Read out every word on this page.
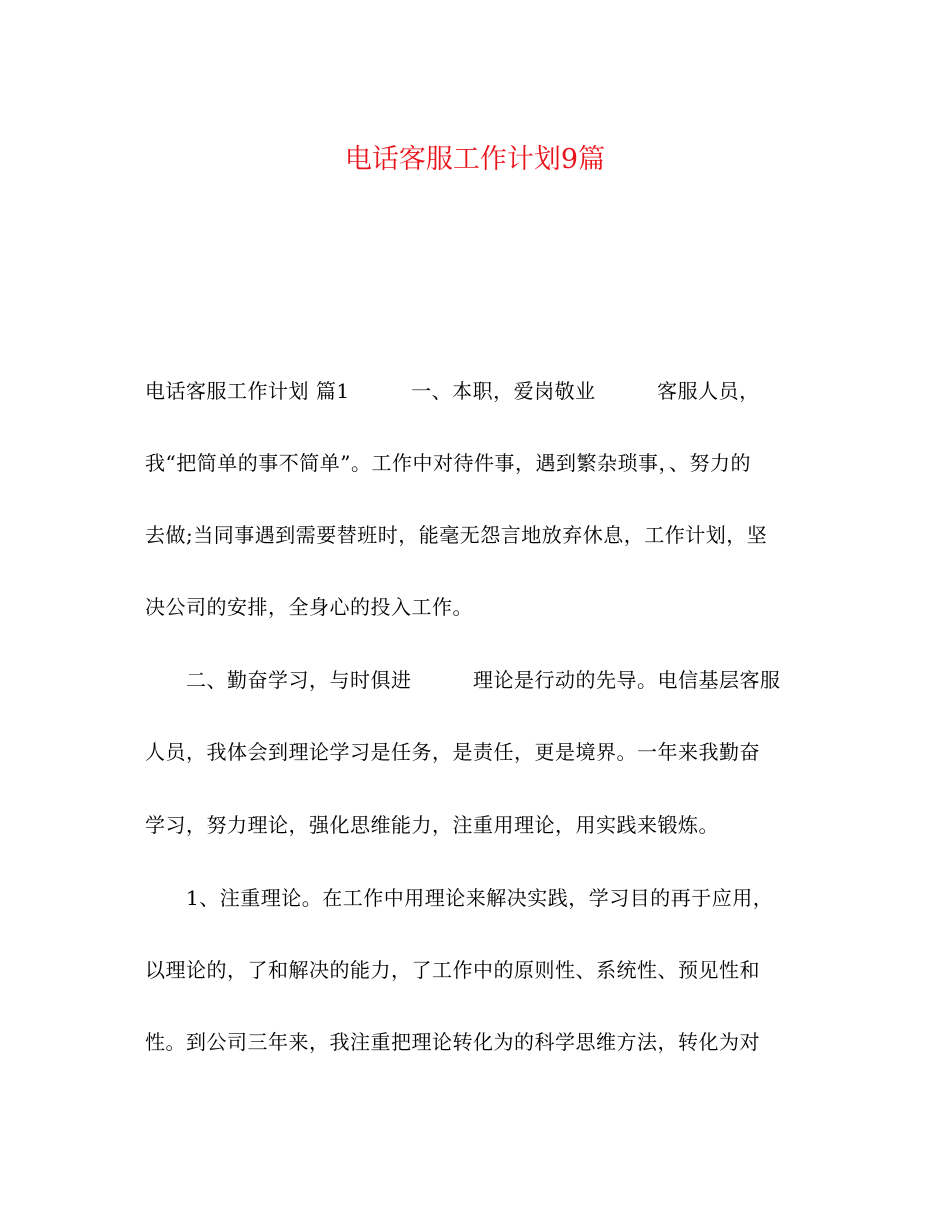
电话客服工作计划9篇
电话客服工作计划 篇1　　　一、本职，爱岗敬业　　　客服人员，
我“把简单的事不简单”。工作中对待件事，遇到繁杂琐事，、努力的
去做;当同事遇到需要替班时，能毫无怨言地放弃休息，工作计划，坚
决公司的安排，全身心的投入工作。
　　二、勤奋学习，与时俱进　　　理论是行动的先导。电信基层客服
人员，我体会到理论学习是任务，是责任，更是境界。一年来我勤奋
学习，努力理论，强化思维能力，注重用理论，用实践来锻炼。
　　1、注重理论。在工作中用理论来解决实践，学习目的再于应用，
以理论的，了和解决的能力，了工作中的原则性、系统性、预见性和
性。到公司三年来，我注重把理论转化为的科学思维方法，转化为对
